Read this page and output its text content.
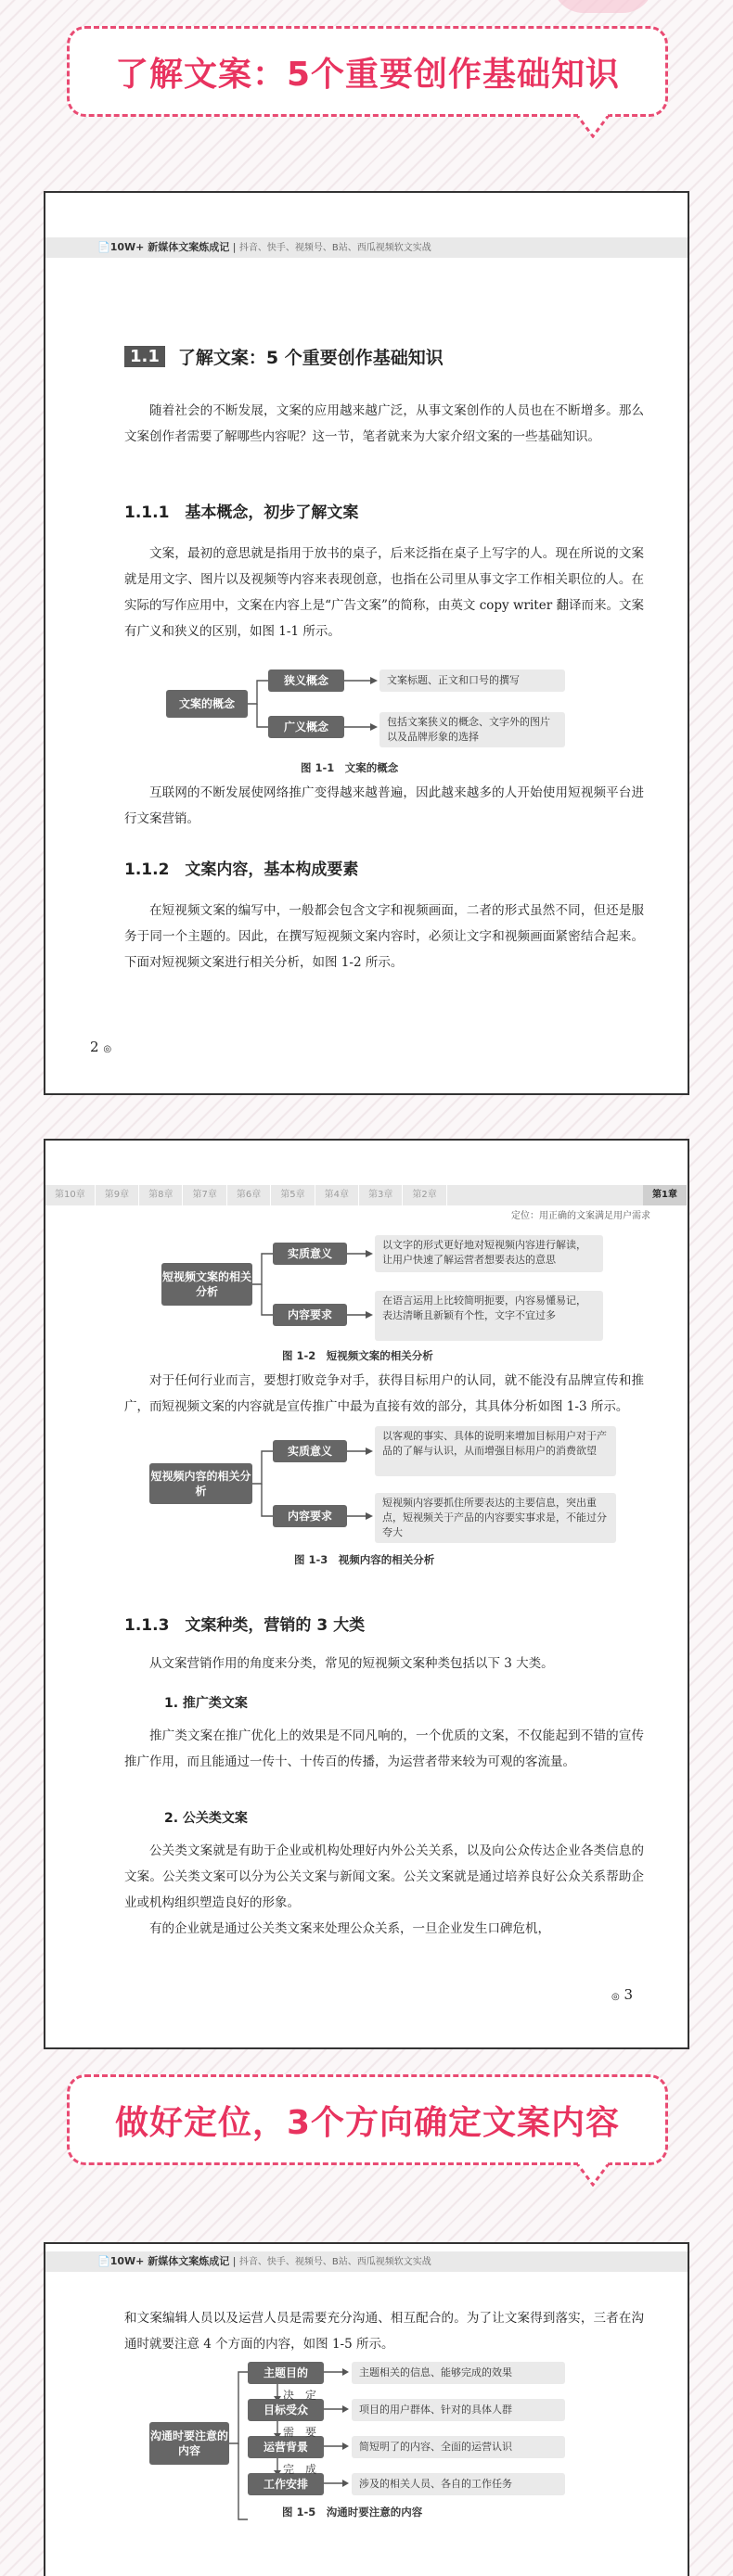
了解文案：5个重要创作基础知识
📄10W+ 新媒体文案炼成记 | 抖音、快手、视频号、B站、西瓜视频软文实战
1.1	了解文案：5 个重要创作基础知识

随着社会的不断发展，文案的应用越来越广泛，从事文案创作的人员也在不断增多。那么文案创作者需要了解哪些内容呢？这一节，笔者就来为大家介绍文案的一些基础知识。

1.1.1　基本概念，初步了解文案

文案，最初的意思就是指用于放书的桌子，后来泛指在桌子上写字的人。现在所说的文案就是用文字、图片以及视频等内容来表现创意，也指在公司里从事文字工作相关职位的人。在实际的写作应用中，文案在内容上是“广告文案”的简称，由英文 copy writer 翻译而来。文案有广义和狭义的区别，如图 1-1 所示。

文案的概念
狭义概念
广义概念
文案标题、正文和口号的撰写
包括文案狭义的概念、文字外的图片以及品牌形象的选择
图 1-1　文案的概念

互联网的不断发展使网络推广变得越来越普遍，因此越来越多的人开始使用短视频平台进行文案营销。

1.1.2　文案内容，基本构成要素

在短视频文案的编写中，一般都会包含文字和视频画面，二者的形式虽然不同，但还是服务于同一个主题的。因此，在撰写短视频文案内容时，必须让文字和视频画面紧密结合起来。下面对短视频文案进行相关分析，如图 1-2 所示。

2 ◎
第10章	第9章	第8章	第7章	第6章	第5章	第4章	第3章	第2章	第1章
定位：用正确的文案满足用户需求
短视频文案的相关分析
实质意义
内容要求
以文字的形式更好地对短视频内容进行解读，让用户快速了解运营者想要表达的意思
在语言运用上比较简明扼要，内容易懂易记，表达清晰且新颖有个性，文字不宜过多
图 1-2　短视频文案的相关分析

对于任何行业而言，要想打败竞争对手，获得目标用户的认同，就不能没有品牌宣传和推广，而短视频文案的内容就是宣传推广中最为直接有效的部分，其具体分析如图 1-3 所示。

短视频内容的相关分析
实质意义
内容要求
以客观的事实、具体的说明来增加目标用户对于产品的了解与认识，从而增强目标用户的消费欲望
短视频内容要抓住所要表达的主要信息，突出重点，短视频关于产品的内容要实事求是，不能过分夸大
图 1-3　视频内容的相关分析
1.1.3　文案种类，营销的 3 大类

从文案营销作用的角度来分类，常见的短视频文案种类包括以下 3 大类。

1. 推广类文案

推广类文案在推广优化上的效果是不同凡响的，一个优质的文案，不仅能起到不错的宣传推广作用，而且能通过一传十、十传百的传播，为运营者带来较为可观的客流量。

2. 公关类文案

公关类文案就是有助于企业或机构处理好内外公关关系，以及向公众传达企业各类信息的文案。公关类文案可以分为公关文案与新闻文案。公关文案就是通过培养良好公众关系帮助企业或机构组织塑造良好的形象。

有的企业就是通过公关类文案来处理公众关系，一旦企业发生口碑危机，

◎ 3
做好定位，3个方向确定文案内容
📄10W+ 新媒体文案炼成记 | 抖音、快手、视频号、B站、西瓜视频软文实战

和文案编辑人员以及运营人员是需要充分沟通、相互配合的。为了让文案得到落实，三者在沟通时就要注意 4 个方面的内容，如图 1-5 所示。

沟通时要注意的内容
主题目的
目标受众
运营背景
工作安排
决　定
需　要
完　成
主题相关的信息、能够完成的效果
项目的用户群体、针对的具体人群
简短明了的内容、全面的运营认识
涉及的相关人员、各自的工作任务
图 1-5　沟通时要注意的内容
